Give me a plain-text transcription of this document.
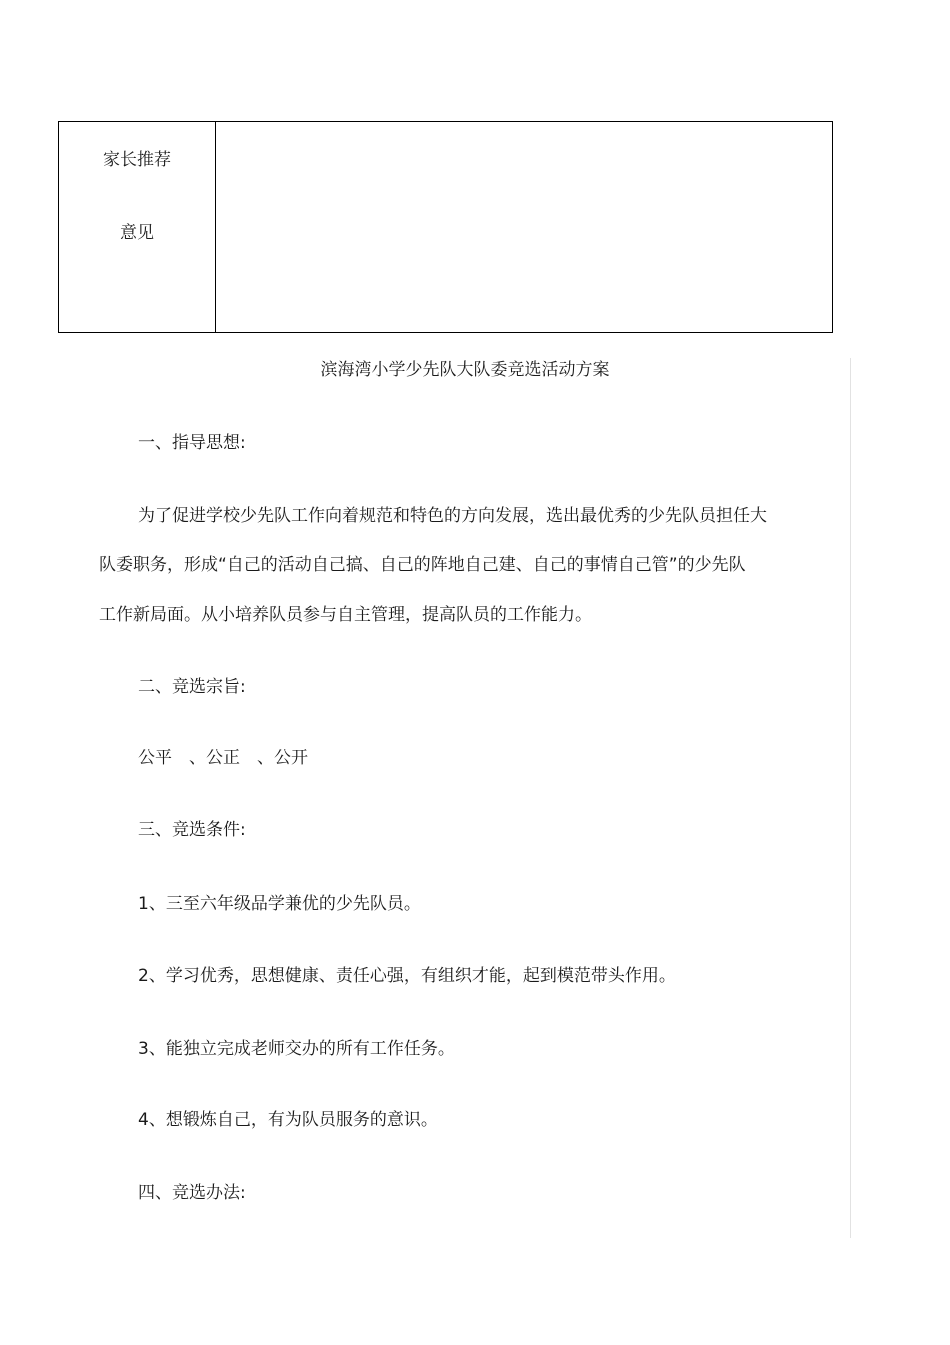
家长推荐
意见
滨海湾小学少先队大队委竞选活动方案
一、指导思想:
为了促进学校少先队工作向着规范和特色的方向发展，选出最优秀的少先队员担任大
队委职务，形成“自己的活动自己搞、自己的阵地自己建、自己的事情自己管”的少先队
工作新局面。从小培养队员参与自主管理，提高队员的工作能力。
二、竞选宗旨:
公平　、公正　、公开
三、竞选条件:
1、三至六年级品学兼优的少先队员。
2、学习优秀，思想健康、责任心强，有组织才能，起到模范带头作用。
3、能独立完成老师交办的所有工作任务。
4、想锻炼自己，有为队员服务的意识。
四、竞选办法:
